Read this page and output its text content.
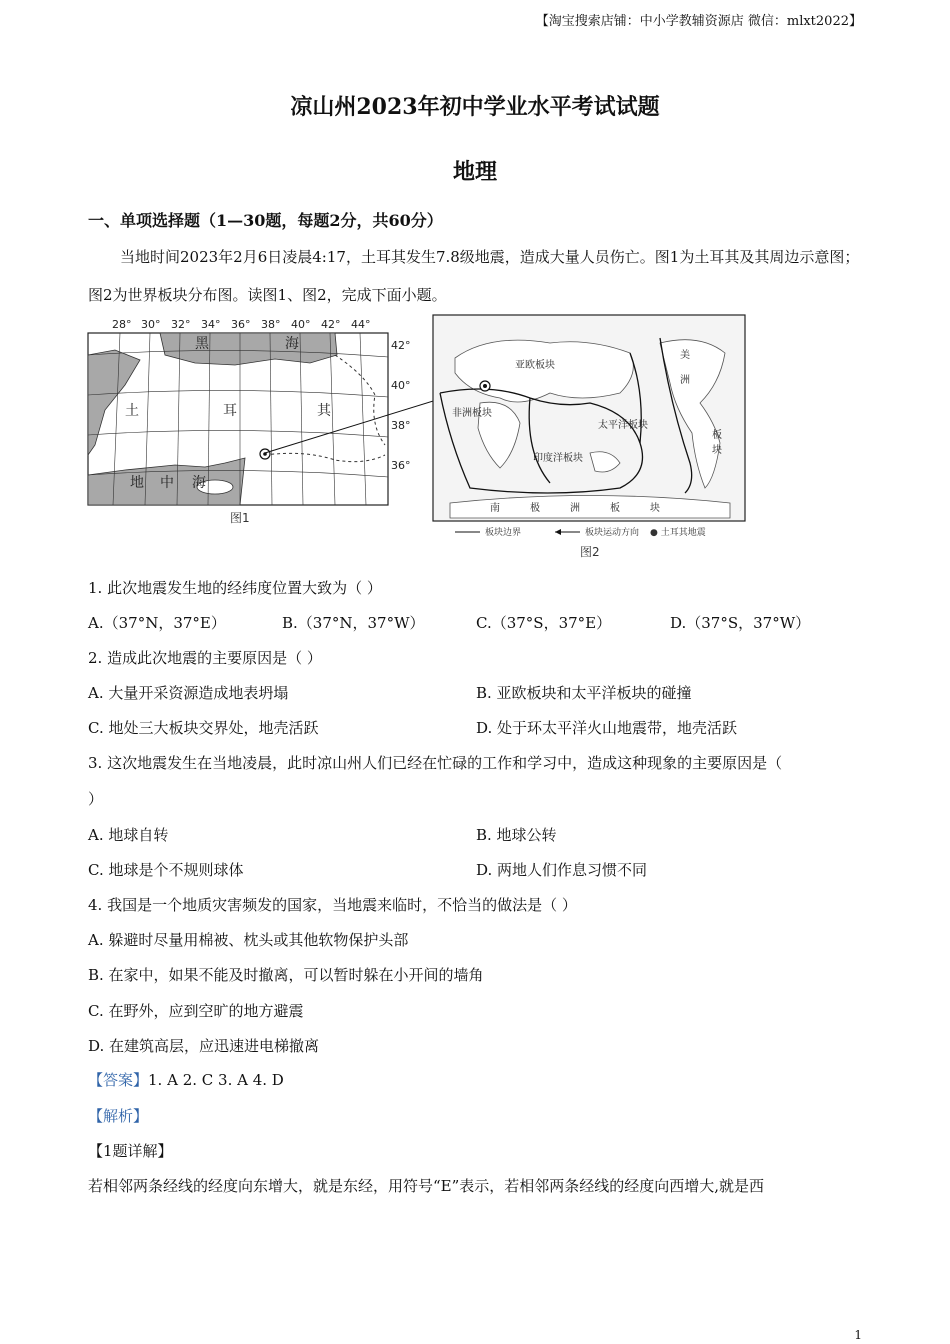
【淘宝搜索店铺：中小学教辅资源店 微信：mlxt2022】
凉山州2023年初中学业水平考试试题
地理
一、单项选择题（1—30题，每题2分，共60分）
当地时间2023年2月6日凌晨4:17，土耳其发生7.8级地震，造成大量人员伤亡。图1为土耳其及其周边示意图；图2为世界板块分布图。读图1、图2，完成下面小题。
28° 30° 32° 34° 36° 38° 40° 42° 44°
42°
40°
38°
36°
黑	海
土	耳	其
地 中 海
图1
亚欧板块
非洲板块
太平洋板块
印度洋板块
南	极	洲	板	块
美
洲
板
块
板块边界	板块运动方向 ● 土耳其地震
图2
1. 此次地震发生地的经纬度位置大致为（ ）
A.（37°N，37°E）	B.（37°N，37°W）	C.（37°S，37°E）	D.（37°S，37°W）
2. 造成此次地震的主要原因是（ ）
A. 大量开采资源造成地表坍塌	B. 亚欧板块和太平洋板块的碰撞
C. 地处三大板块交界处，地壳活跃	D. 处于环太平洋火山地震带，地壳活跃
3. 这次地震发生在当地凌晨，此时凉山州人们已经在忙碌的工作和学习中，造成这种现象的主要原因是（
）
A. 地球自转	B. 地球公转
C. 地球是个不规则球体	D. 两地人们作息习惯不同
4. 我国是一个地质灾害频发的国家，当地震来临时，不恰当的做法是（ ）
A. 躲避时尽量用棉被、枕头或其他软物保护头部
B. 在家中，如果不能及时撤离，可以暂时躲在小开间的墙角
C. 在野外，应到空旷的地方避震
D. 在建筑高层，应迅速进电梯撤离
【答案】1. A 2. C 3. A 4. D
【解析】
【1题详解】
若相邻两条经线的经度向东增大，就是东经，用符号“E”表示，若相邻两条经线的经度向西增大,就是西
1
